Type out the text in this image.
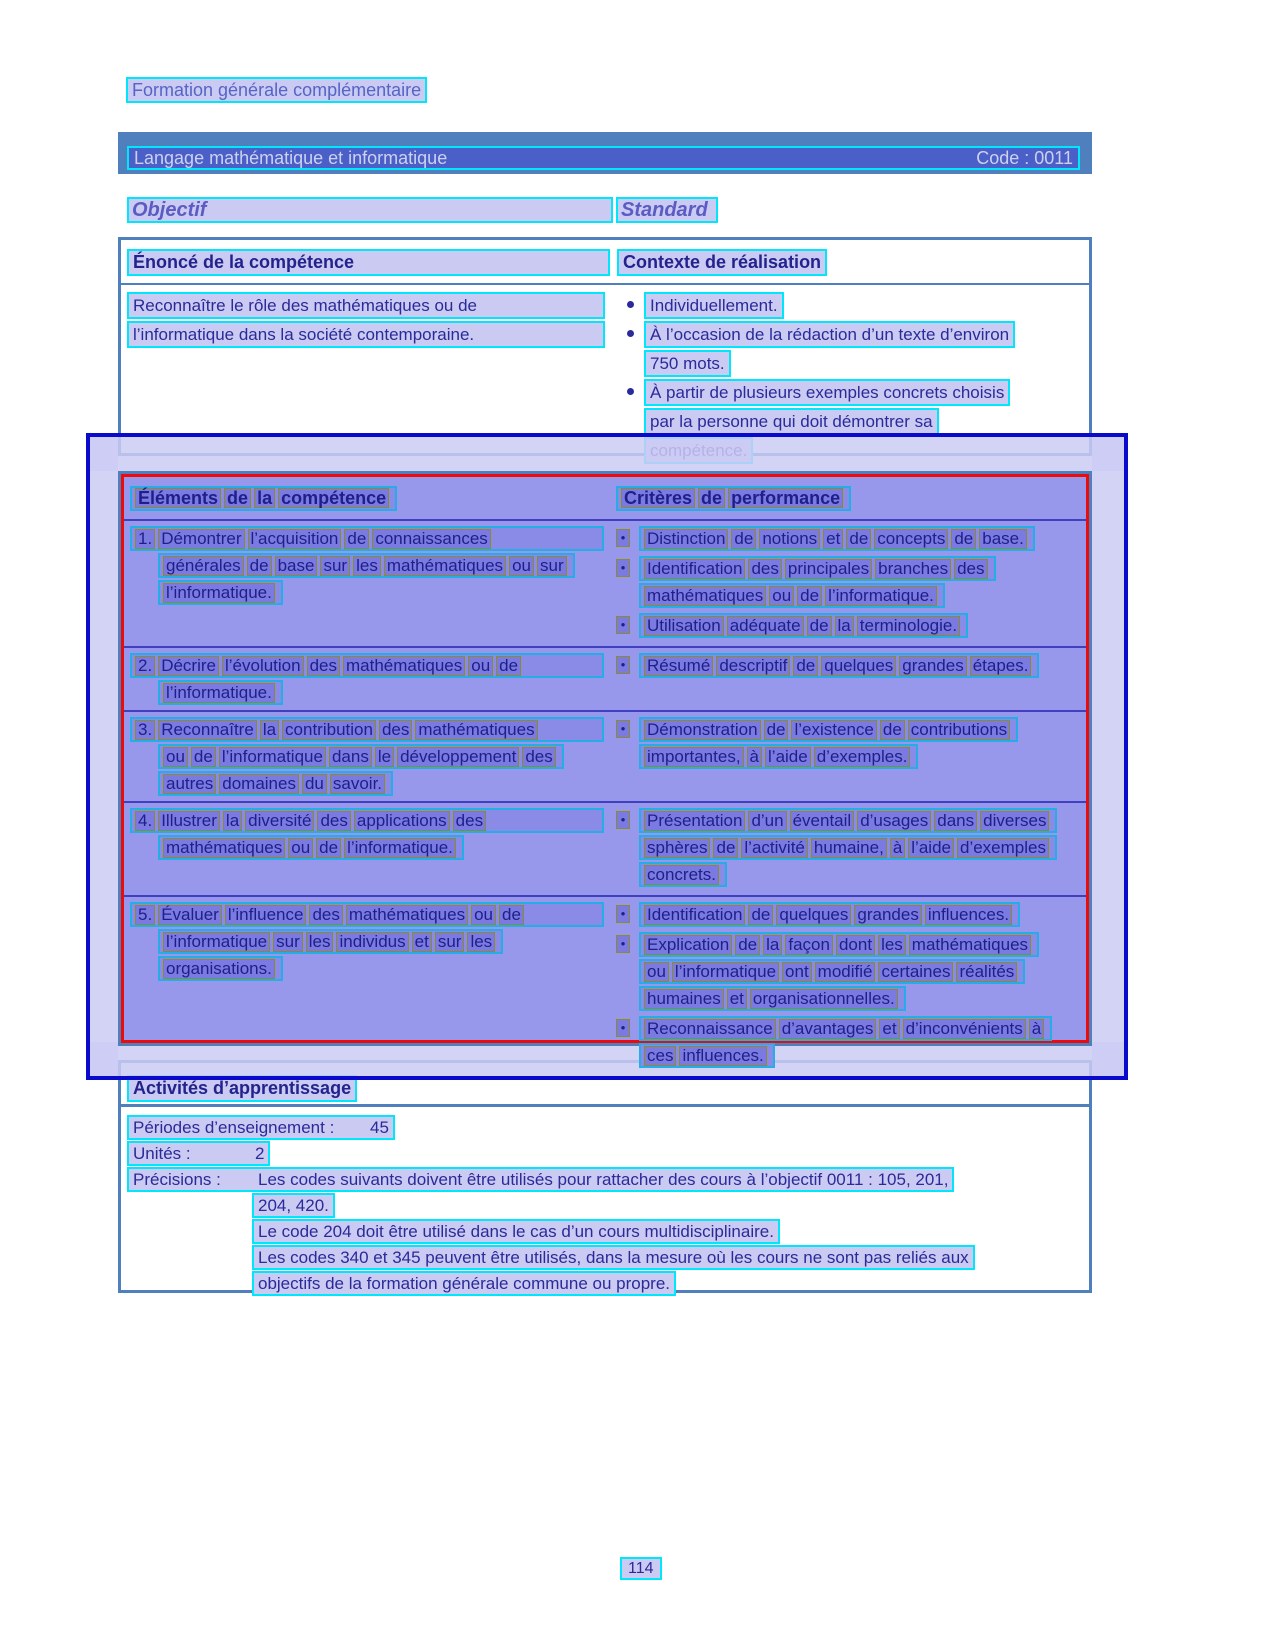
Formation générale complémentaire
Langage mathématique et informatique	Code : 0011
Objectif	Standard
Énoncé de la compétence	Contexte de réalisation
Reconnaître le rôle des mathématiques ou de
l’informatique dans la société contemporaine.
Individuellement.
À l’occasion de la rédaction d’un texte d’environ
750 mots.
À partir de plusieurs exemples concrets choisis
par la personne qui doit démontrer sa
Éléments de la compétence	Critères de performance
1. Démontrer l’acquisition de connaissances
générales de base sur les mathématiques ou sur
l’informatique.
• Distinction de notions et de concepts de base.
• Identification des principales branches des
mathématiques ou de l’informatique.
• Utilisation adéquate de la terminologie.
2. Décrire l’évolution des mathématiques ou de
l’informatique.
• Résumé descriptif de quelques grandes étapes.
3. Reconnaître la contribution des mathématiques
ou de l’informatique dans le développement des
autres domaines du savoir.
• Démonstration de l’existence de contributions
importantes, à l’aide d’exemples.
4. Illustrer la diversité des applications des
mathématiques ou de l’informatique.
• Présentation d’un éventail d’usages dans diverses
sphères de l’activité humaine, à l’aide d’exemples
concrets.
5. Évaluer l’influence des mathématiques ou de
l’informatique sur les individus et sur les
organisations.
• Identification de quelques grandes influences.
• Explication de la façon dont les mathématiques
ou l’informatique ont modifié certaines réalités
humaines et organisationnelles.
• Reconnaissance d’avantages et d’inconvénients à
ces influences.
Activités d’apprentissage
Périodes d’enseignement : 45
Unités :	2
Précisions : Les codes suivants doivent être utilisés pour rattacher des cours à l’objectif 0011 : 105, 201,
204, 420.
Le code 204 doit être utilisé dans le cas d’un cours multidisciplinaire.
Les codes 340 et 345 peuvent être utilisés, dans la mesure où les cours ne sont pas reliés aux
objectifs de la formation générale commune ou propre.
114
